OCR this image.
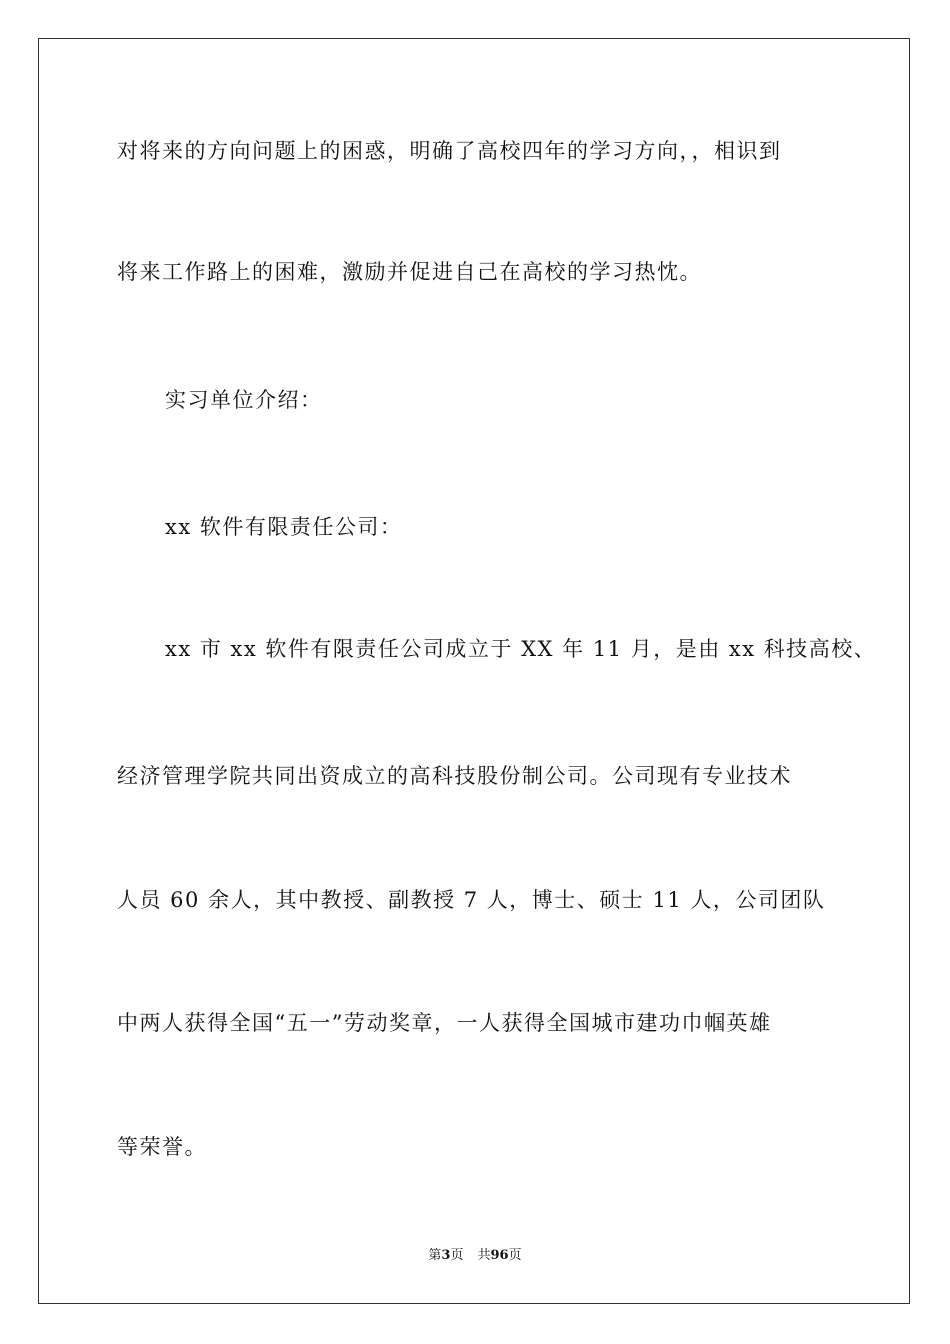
对将来的方向问题上的困惑，明确了高校四年的学习方向，，相识到
将来工作路上的困难，激励并促进自己在高校的学习热忱。
实习单位介绍：
xx 软件有限责任公司：
xx 市 xx 软件有限责任公司成立于 XX 年 11 月，是由 xx 科技高校、
经济管理学院共同出资成立的高科技股份制公司。公司现有专业技术
人员 60 余人，其中教授、副教授 7 人，博士、硕士 11 人，公司团队
中两人获得全国“五一”劳动奖章，一人获得全国城市建功巾帼英雄
等荣誉。
第3页 共96页
